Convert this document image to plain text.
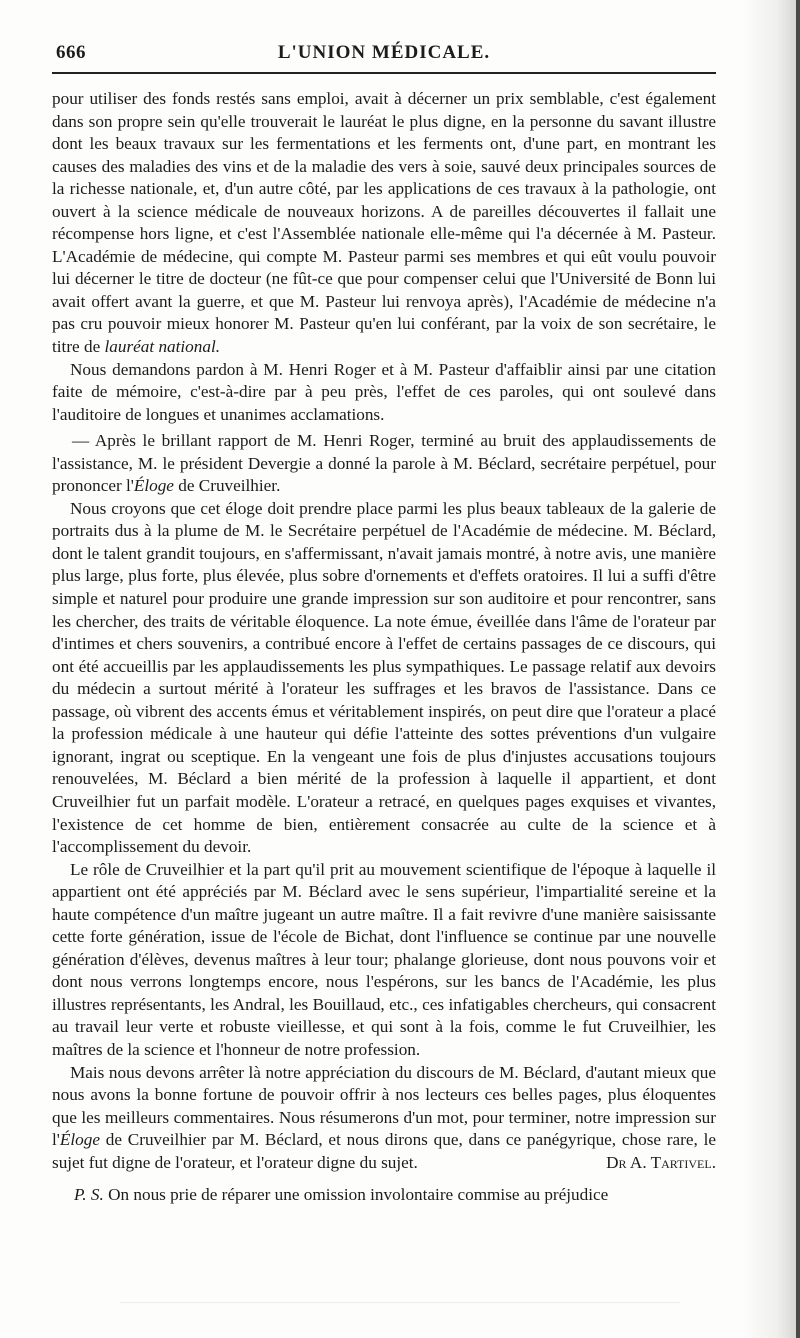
666	L'UNION MÉDICALE.

pour utiliser des fonds restés sans emploi, avait à décerner un prix semblable, c'est également dans son propre sein qu'elle trouverait le lauréat le plus digne, en la personne du savant illustre dont les beaux travaux sur les fermentations et les ferments ont, d'une part, en montrant les causes des maladies des vins et de la maladie des vers à soie, sauvé deux principales sources de la richesse nationale, et, d'un autre côté, par les applications de ces travaux à la pathologie, ont ouvert à la science médicale de nouveaux horizons. A de pareilles découvertes il fallait une récompense hors ligne, et c'est l'Assemblée nationale elle-même qui l'a décernée à M. Pasteur. L'Académie de médecine, qui compte M. Pasteur parmi ses membres et qui eût voulu pouvoir lui décerner le titre de docteur (ne fût-ce que pour compenser celui que l'Université de Bonn lui avait offert avant la guerre, et que M. Pasteur lui renvoya après), l'Académie de médecine n'a pas cru pouvoir mieux honorer M. Pasteur qu'en lui conférant, par la voix de son secrétaire, le titre de lauréat national.

Nous demandons pardon à M. Henri Roger et à M. Pasteur d'affaiblir ainsi par une citation faite de mémoire, c'est-à-dire par à peu près, l'effet de ces paroles, qui ont soulevé dans l'auditoire de longues et unanimes acclamations.

— Après le brillant rapport de M. Henri Roger, terminé au bruit des applaudissements de l'assistance, M. le président Devergie a donné la parole à M. Béclard, secrétaire perpétuel, pour prononcer l'Éloge de Cruveilhier.

Nous croyons que cet éloge doit prendre place parmi les plus beaux tableaux de la galerie de portraits dus à la plume de M. le Secrétaire perpétuel de l'Académie de médecine. M. Béclard, dont le talent grandit toujours, en s'affermissant, n'avait jamais montré, à notre avis, une manière plus large, plus forte, plus élevée, plus sobre d'ornements et d'effets oratoires. Il lui a suffi d'être simple et naturel pour produire une grande impression sur son auditoire et pour rencontrer, sans les chercher, des traits de véritable éloquence. La note émue, éveillée dans l'âme de l'orateur par d'intimes et chers souvenirs, a contribué encore à l'effet de certains passages de ce discours, qui ont été accueillis par les applaudissements les plus sympathiques. Le passage relatif aux devoirs du médecin a surtout mérité à l'orateur les suffrages et les bravos de l'assistance. Dans ce passage, où vibrent des accents émus et véritablement inspirés, on peut dire que l'orateur a placé la profession médicale à une hauteur qui défie l'atteinte des sottes préventions d'un vulgaire ignorant, ingrat ou sceptique. En la vengeant une fois de plus d'injustes accusations toujours renouvelées, M. Béclard a bien mérité de la profession à laquelle il appartient, et dont Cruveilhier fut un parfait modèle. L'orateur a retracé, en quelques pages exquises et vivantes, l'existence de cet homme de bien, entièrement consacrée au culte de la science et à l'accomplissement du devoir.

Le rôle de Cruveilhier et la part qu'il prit au mouvement scientifique de l'époque à laquelle il appartient ont été appréciés par M. Béclard avec le sens supérieur, l'impartialité sereine et la haute compétence d'un maître jugeant un autre maître. Il a fait revivre d'une manière saisissante cette forte génération, issue de l'école de Bichat, dont l'influence se continue par une nouvelle génération d'élèves, devenus maîtres à leur tour; phalange glorieuse, dont nous pouvons voir et dont nous verrons longtemps encore, nous l'espérons, sur les bancs de l'Académie, les plus illustres représentants, les Andral, les Bouillaud, etc., ces infatigables chercheurs, qui consacrent au travail leur verte et robuste vieillesse, et qui sont à la fois, comme le fut Cruveilhier, les maîtres de la science et l'honneur de notre profession.

Mais nous devons arrêter là notre appréciation du discours de M. Béclard, d'autant mieux que nous avons la bonne fortune de pouvoir offrir à nos lecteurs ces belles pages, plus éloquentes que les meilleurs commentaires. Nous résumerons d'un mot, pour terminer, notre impression sur l'Éloge de Cruveilhier par M. Béclard, et nous dirons que, dans ce panégyrique, chose rare, le sujet fut digne de l'orateur, et l'orateur digne du sujet.	Dr A. Tartivel.

P. S. On nous prie de réparer une omission involontaire commise au préjudice
